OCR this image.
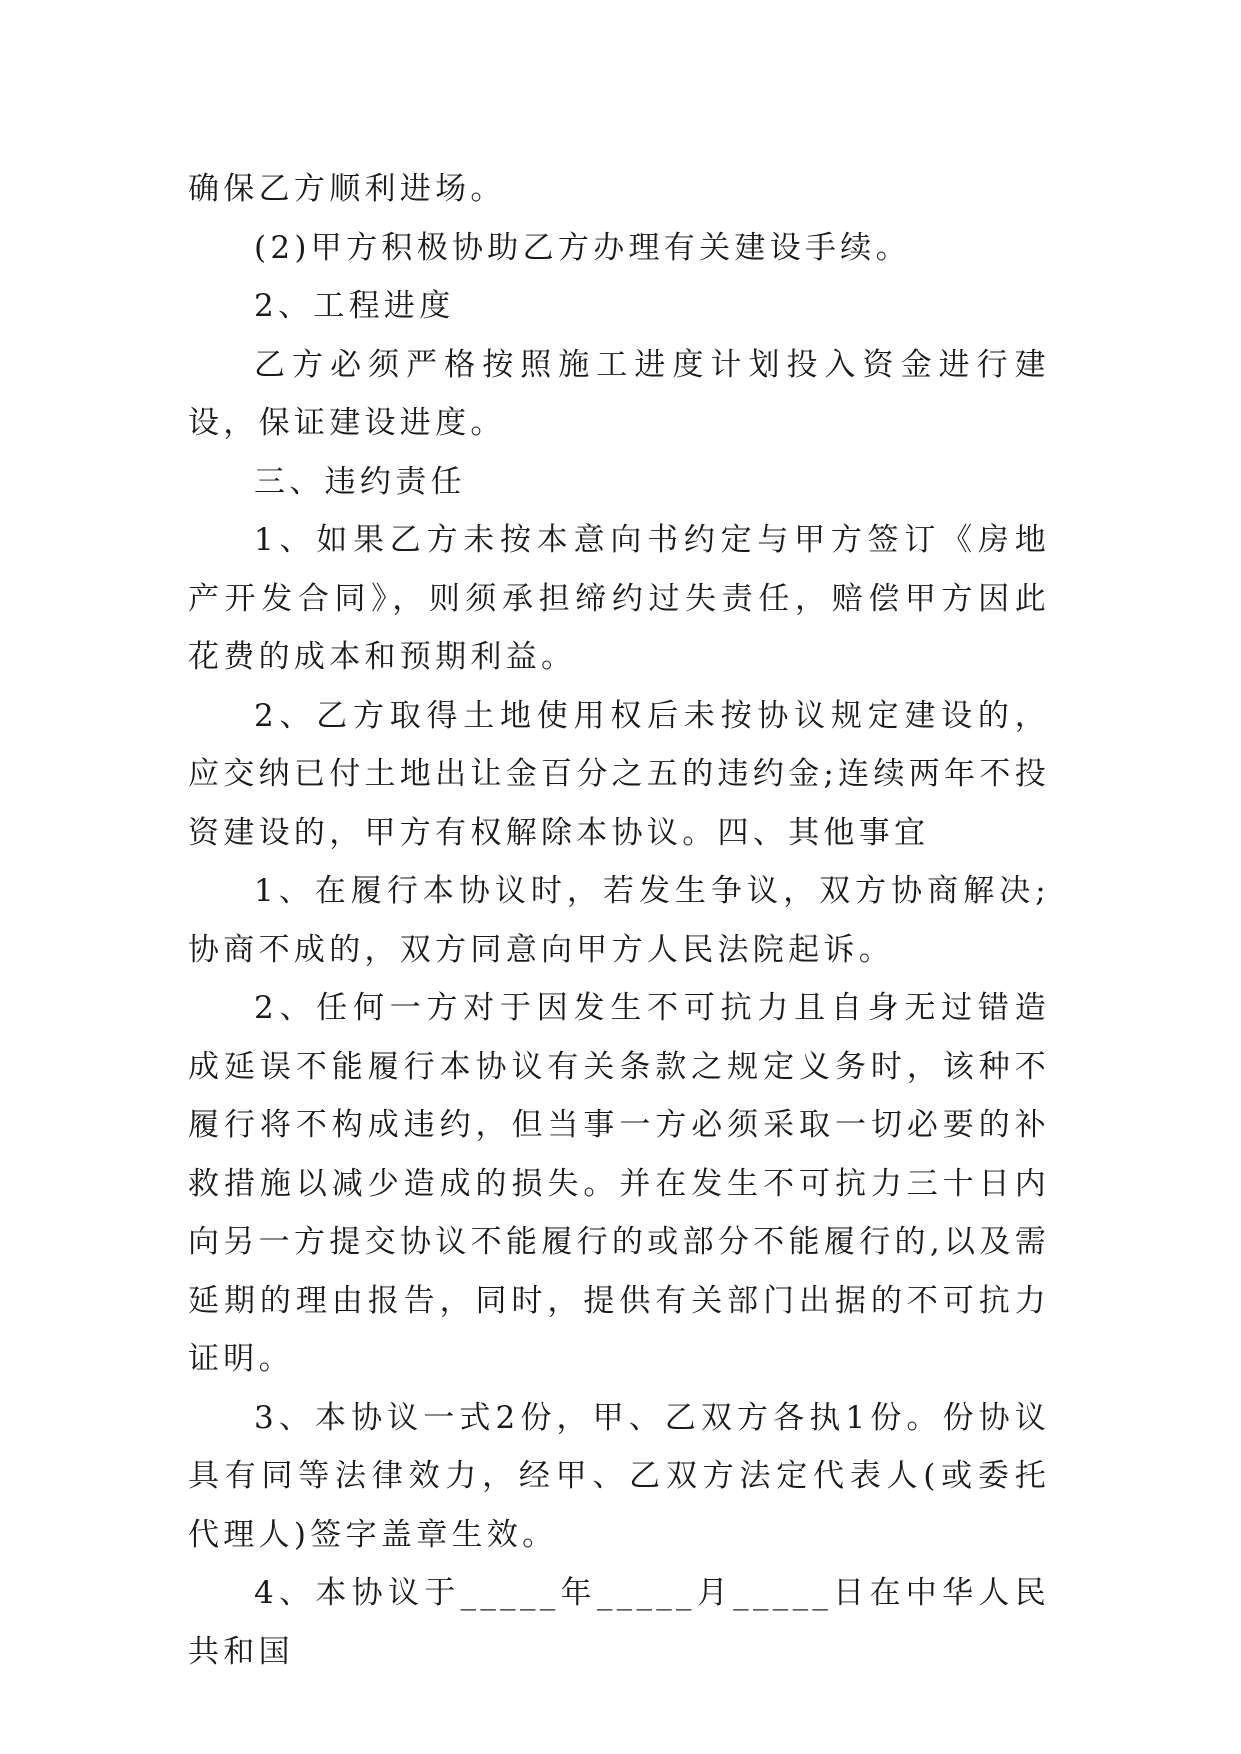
确保乙方顺利进场。

(2)甲方积极协助乙方办理有关建设手续。

2、工程进度

乙方必须严格按照施工进度计划投入资金进行建设，保证建设进度。

三、违约责任

1、如果乙方未按本意向书约定与甲方签订《房地产开发合同》，则须承担缔约过失责任，赔偿甲方因此花费的成本和预期利益。

2、乙方取得土地使用权后未按协议规定建设的，应交纳已付土地出让金百分之五的违约金;连续两年不投资建设的，甲方有权解除本协议。四、其他事宜

1、在履行本协议时，若发生争议，双方协商解决;协商不成的，双方同意向甲方人民法院起诉。

2、任何一方对于因发生不可抗力且自身无过错造成延误不能履行本协议有关条款之规定义务时，该种不履行将不构成违约，但当事一方必须采取一切必要的补救措施以减少造成的损失。并在发生不可抗力三十日内向另一方提交协议不能履行的或部分不能履行的,以及需延期的理由报告，同时，提供有关部门出据的不可抗力证明。

3、本协议一式2份，甲、乙双方各执1份。份协议具有同等法律效力，经甲、乙双方法定代表人(或委托代理人)签字盖章生效。

4、本协议于_____年_____月_____日在中华人民共和国
